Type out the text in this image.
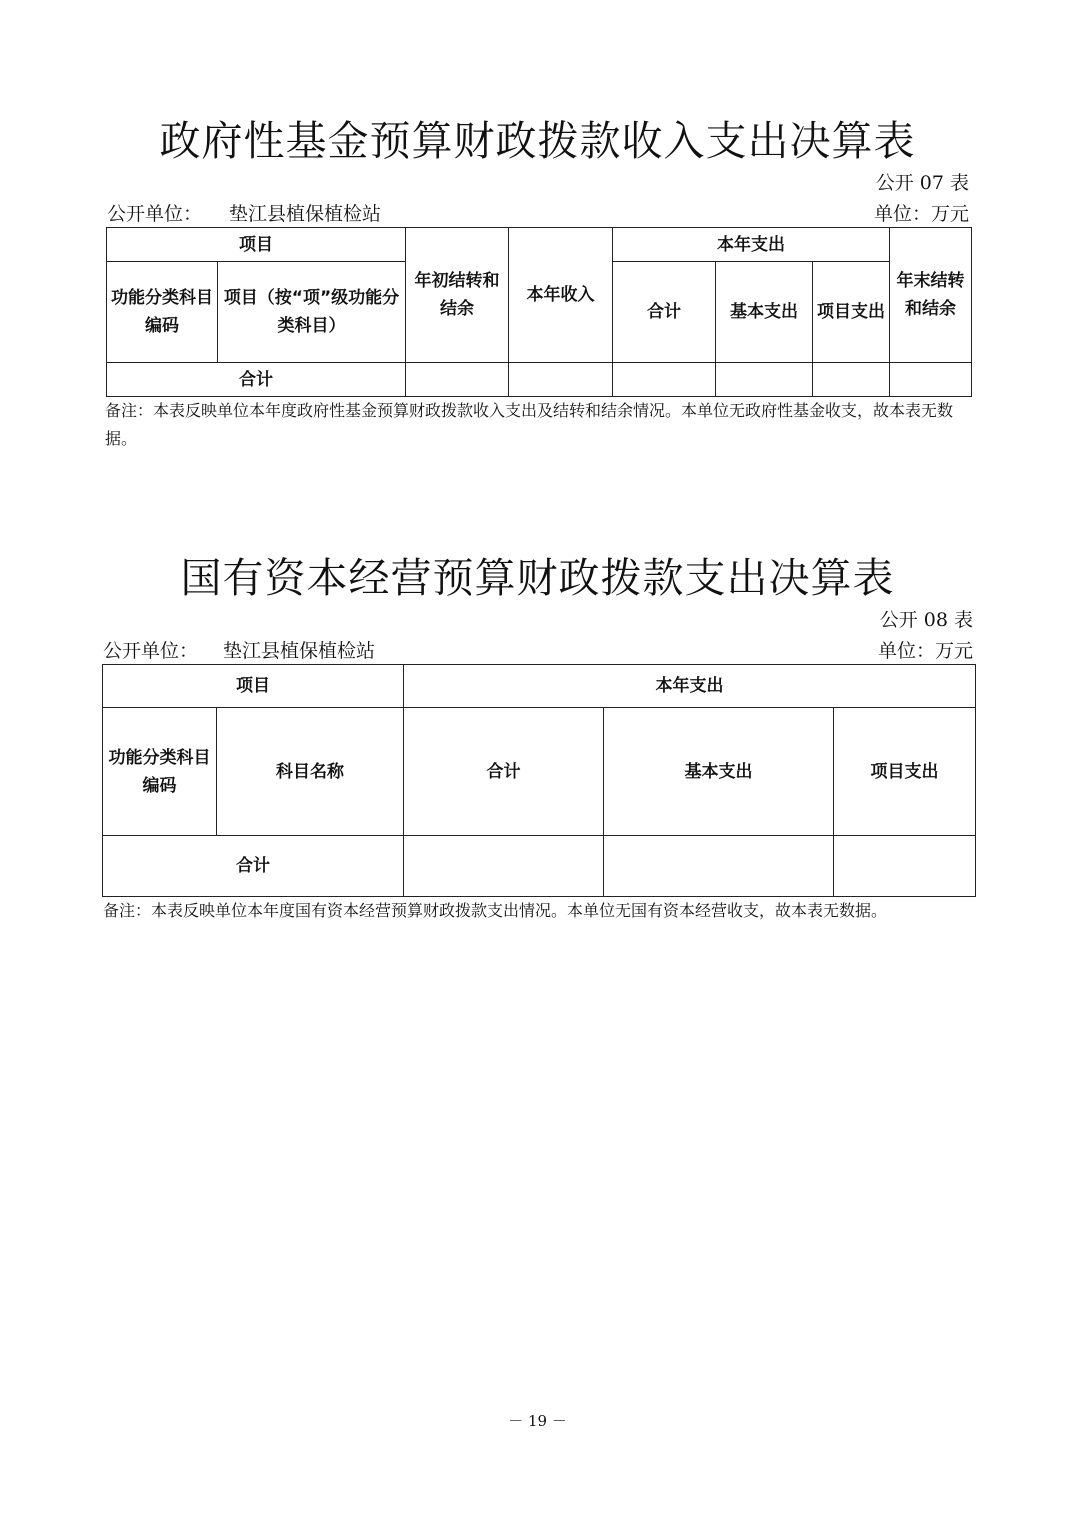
政府性基金预算财政拨款收入支出决算表
公开 07 表
公开单位： 垫江县植保植检站	单位：万元
项目		年初结转和结余	本年收入	本年支出			年末结转和结余
功能分类科目编码	项目（按“项”级功能分类科目）			合计	基本支出	项目支出	
合计							
备注：本表反映单位本年度政府性基金预算财政拨款收入支出及结转和结余情况。本单位无政府性基金收支，故本表无数据。
国有资本经营预算财政拨款支出决算表
公开 08 表
公开单位： 垫江县植保植检站	单位：万元
项目		本年支出		
功能分类科目编码	科目名称	合计	基本支出	项目支出
合计				
备注：本表反映单位本年度国有资本经营预算财政拨款支出情况。本单位无国有资本经营收支，故本表无数据。
－ 19 －
